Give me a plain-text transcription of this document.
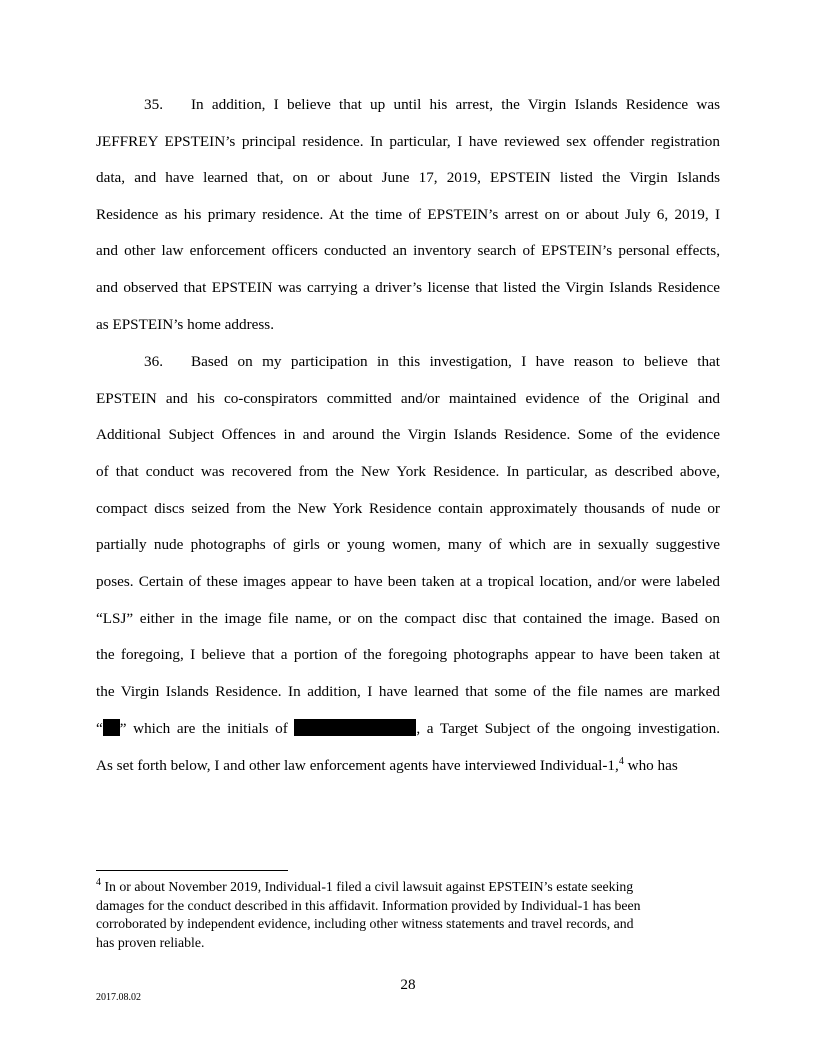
35. In addition, I believe that up until his arrest, the Virgin Islands Residence was
JEFFREY EPSTEIN’s principal residence. In particular, I have reviewed sex offender registration
data, and have learned that, on or about June 17, 2019, EPSTEIN listed the Virgin Islands
Residence as his primary residence. At the time of EPSTEIN’s arrest on or about July 6, 2019, I
and other law enforcement officers conducted an inventory search of EPSTEIN’s personal effects,
and observed that EPSTEIN was carrying a driver’s license that listed the Virgin Islands Residence
as EPSTEIN’s home address.
36. Based on my participation in this investigation, I have reason to believe that
EPSTEIN and his co-conspirators committed and/or maintained evidence of the Original and
Additional Subject Offences in and around the Virgin Islands Residence. Some of the evidence
of that conduct was recovered from the New York Residence. In particular, as described above,
compact discs seized from the New York Residence contain approximately thousands of nude or
partially nude photographs of girls or young women, many of which are in sexually suggestive
poses. Certain of these images appear to have been taken at a tropical location, and/or were labeled
“LSJ” either in the image file name, or on the compact disc that contained the image. Based on
the foregoing, I believe that a portion of the foregoing photographs appear to have been taken at
the Virgin Islands Residence. In addition, I have learned that some of the file names are marked
“ ” which are the initials of	, a Target Subject of the ongoing investigation.
As set forth below, I and other law enforcement agents have interviewed Individual-1,$^4$ who has
$^4$ In or about November 2019, Individual-1 filed a civil lawsuit against EPSTEIN’s estate seeking
damages for the conduct described in this affidavit. Information provided by Individual-1 has been
corroborated by independent evidence, including other witness statements and travel records, and
has proven reliable.
28
2017.08.02
